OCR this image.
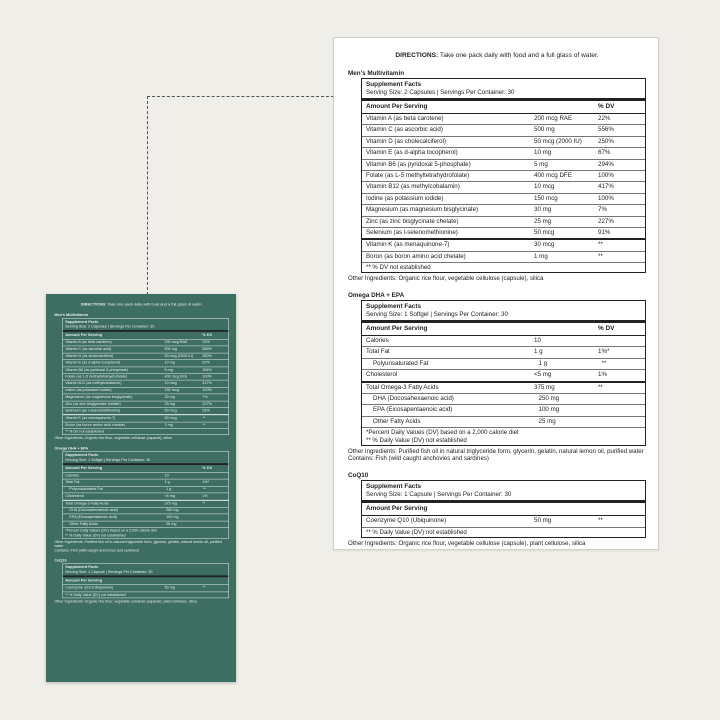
DIRECTIONS: Take one pack daily with food and a full glass of water.
Men's Multivitamin
Supplement Facts
Serving Size: 2 Capsules | Servings Per Container: 30
Amount Per Serving	% DV
Vitamin A (as beta carotene)	200 mcg RAE	22%
Vitamin C (as ascorbic acid)	500 mg	556%
Vitamin D (as cholecalciferol)	50 mcg (2000 IU)	250%
Vitamin E (as d-alpha tocopherol)	10 mg	67%
Vitamin B6 (as pyridoxal 5-phosphate)	5 mg	294%
Folate (as L-5 methyltetrahydrofolate)	400 mcg DFE	100%
Vitamin B12 (as methylcobalamin)	10 mcg	417%
Iodine (as potassium iodide)	150 mcg	100%
Magnesium (as magnesium bisglycinate)	30 mg	7%
Zinc (as zinc bisglycinate chelate)	25 mg	227%
Selenium (as l-selenomethionine)	50 mcg	91%
Vitamin K (as menaquinone-7)	30 mcg	**
Boron (as boron amino acid chelate)	1 mg	**
** % DV not established
Other Ingredients: Organic rice flour, vegetable cellulose (capsule), silica
Omega DHA + EPA
Supplement Facts
Serving Size: 1 Softgel | Servings Per Container: 30
Amount Per Serving	% DV
Calories	10
Total Fat	1 g	1%*
Polyunsaturated Fat	1 g	**
Cholesterol	<5 mg	1%
Total Omega-3 Fatty Acids	375 mg	**
DHA (Docosahexaenoic acid)	250 mg
EPA (Eicosapentaenoic acid)	100 mg
Other Fatty Acids	25 mg
*Percent Daily Values (DV) based on a 2,000 calorie diet
** % Daily Value (DV) not established
Other Ingredients: Purified fish oil in natural triglyceride form, glycerin, gelatin, natural lemon oil, purified water
Contains: Fish (wild caught anchovies and sardines)
CoQ10
Supplement Facts
Serving Size: 1 Capsule | Servings Per Container: 30
Amount Per Serving
Coenzyme Q10 (Ubiquinone)	50 mg	**
** % Daily Value (DV) not established
Other Ingredients: Organic rice flour, vegetable cellulose (capsule), plant cellulose, silica
DIRECTIONS: Take one pack daily with food and a full glass of water.
Men's Multivitamin
Supplement Facts
Serving Size: 2 Capsules | Servings Per Container: 30
Amount Per Serving	% DV
Vitamin A (as beta carotene)	200 mcg RAE	22%
Vitamin C (as ascorbic acid)	500 mg	556%
Vitamin D (as cholecalciferol)	50 mcg (2000 IU)	250%
Vitamin E (as d-alpha tocopherol)	10 mg	67%
Vitamin B6 (as pyridoxal 5-phosphate)	5 mg	294%
Folate (as L-5 methyltetrahydrofolate)	400 mcg DFE	100%
Vitamin B12 (as methylcobalamin)	10 mcg	417%
Iodine (as potassium iodide)	150 mcg	100%
Magnesium (as magnesium bisglycinate)	30 mg	7%
Zinc (as zinc bisglycinate chelate)	25 mg	227%
Selenium (as l-selenomethionine)	50 mcg	91%
Vitamin K (as menaquinone-7)	30 mcg	**
Boron (as boron amino acid chelate)	1 mg	**
** % DV not established
Other Ingredients: Organic rice flour, vegetable cellulose (capsule), silica
Omega DHA + EPA
Supplement Facts
Serving Size: 1 Softgel | Servings Per Container: 30
Amount Per Serving	% DV
Calories	10
Total Fat	1 g	1%*
Polyunsaturated Fat	1 g	**
Cholesterol	<5 mg	1%
Total Omega-3 Fatty Acids	375 mg	**
DHA (Docosahexaenoic acid)	250 mg
EPA (Eicosapentaenoic acid)	100 mg
Other Fatty Acids	25 mg
*Percent Daily Values (DV) based on a 2,000 calorie diet
** % Daily Value (DV) not established
Other Ingredients: Purified fish oil in natural triglyceride form, glycerin, gelatin, natural lemon oil, purified water
Contains: Fish (wild caught anchovies and sardines)
CoQ10
Supplement Facts
Serving Size: 1 Capsule | Servings Per Container: 30
Amount Per Serving
Coenzyme Q10 (Ubiquinone)	50 mg	**
** % Daily Value (DV) not established
Other Ingredients: Organic rice flour, vegetable cellulose (capsule), plant cellulose, silica
